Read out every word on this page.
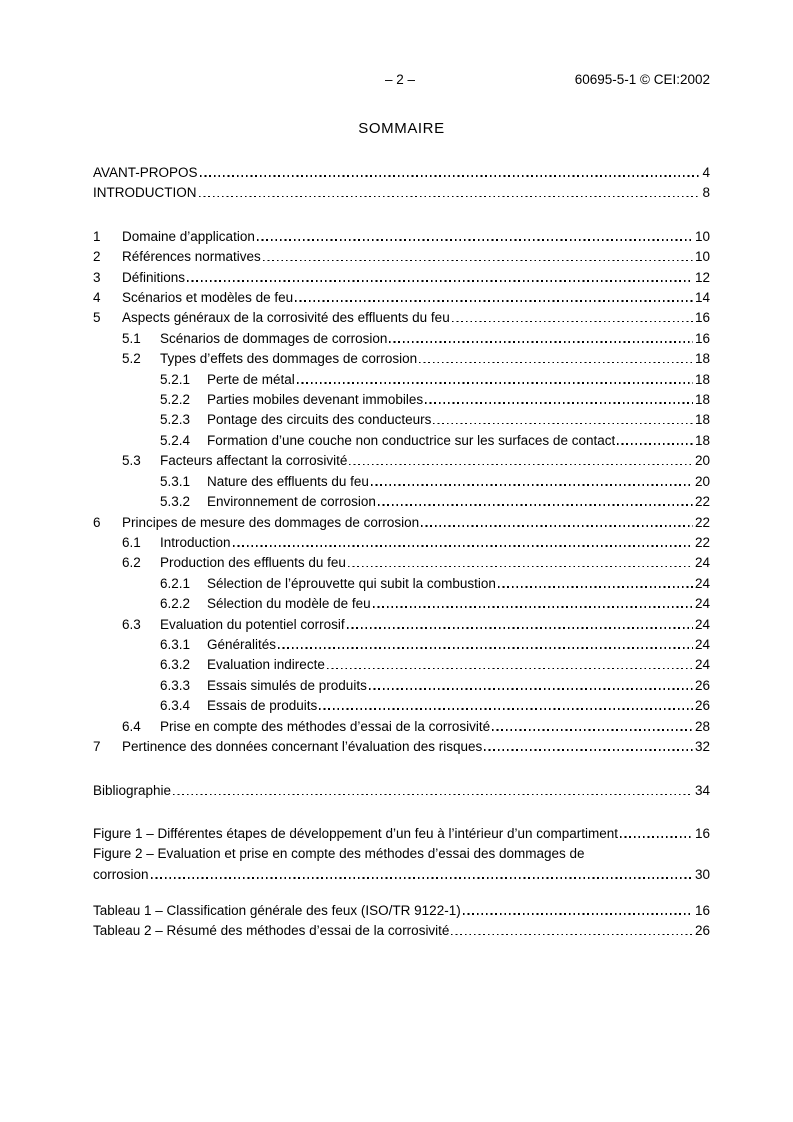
– 2 –	60695-5-1 © CEI:2002
SOMMAIRE
AVANT-PROPOS	4
INTRODUCTION	8
1	Domaine d’application	10
2	Références normatives	10
3	Définitions	12
4	Scénarios et modèles de feu	14
5	Aspects généraux de la corrosivité des effluents du feu	16
5.1	Scénarios de dommages de corrosion	16
5.2	Types d’effets des dommages de corrosion	18
5.2.1	Perte de métal	18
5.2.2	Parties mobiles devenant immobiles	18
5.2.3	Pontage des circuits des conducteurs	18
5.2.4	Formation d’une couche non conductrice sur les surfaces de contact	18
5.3	Facteurs affectant la corrosivité	20
5.3.1	Nature des effluents du feu	20
5.3.2	Environnement de corrosion	22
6	Principes de mesure des dommages de corrosion	22
6.1	Introduction	22
6.2	Production des effluents du feu	24
6.2.1	Sélection de l’éprouvette qui subit la combustion	24
6.2.2	Sélection du modèle de feu	24
6.3	Evaluation du potentiel corrosif	24
6.3.1	Généralités	24
6.3.2	Evaluation indirecte	24
6.3.3	Essais simulés de produits	26
6.3.4	Essais de produits	26
6.4	Prise en compte des méthodes d’essai de la corrosivité	28
7	Pertinence des données concernant l’évaluation des risques	32
Bibliographie	34
Figure 1 – Différentes étapes de développement d’un feu à l’intérieur d’un compartiment	16
Figure 2 – Evaluation et prise en compte des méthodes d’essai des dommages de
corrosion	30
Tableau 1 – Classification générale des feux (ISO/TR 9122-1)	16
Tableau 2 – Résumé des méthodes d’essai de la corrosivité	26
